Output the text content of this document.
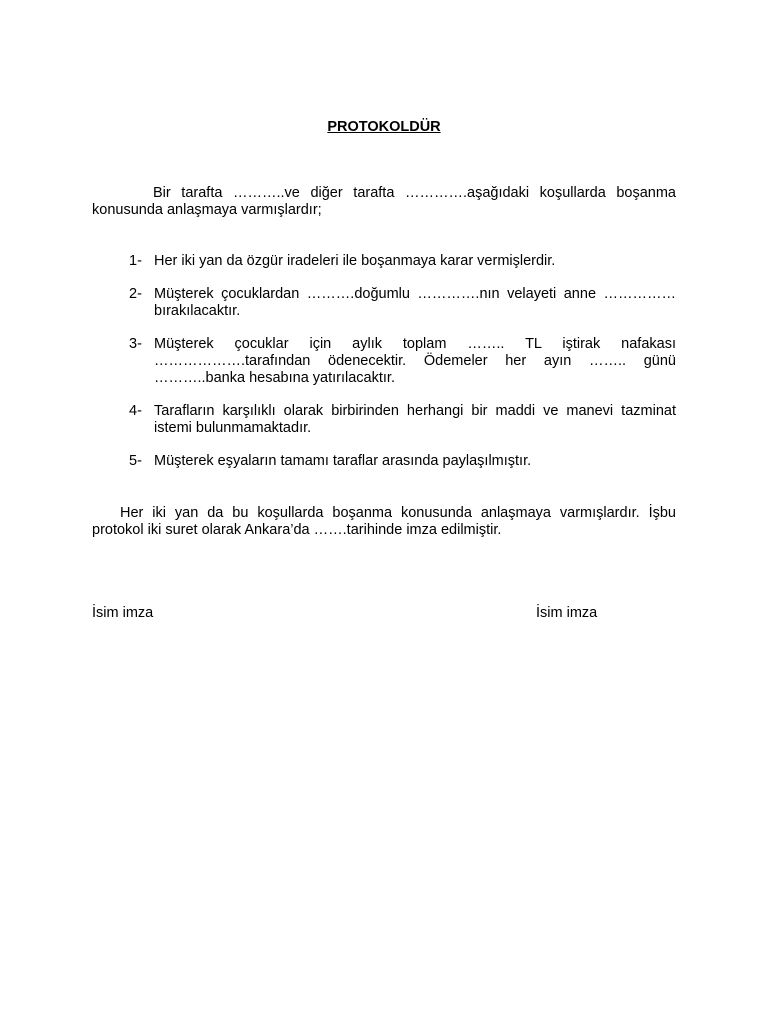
PROTOKOLDÜR

Bir tarafta ………..ve diğer tarafta ………….aşağıdaki koşullarda boşanma konusunda anlaşmaya varmışlardır;

1- Her iki yan da özgür iradeleri ile boşanmaya karar vermişlerdir.
2- Müşterek çocuklardan ……….doğumlu ………….nın velayeti anne ……………bırakılacaktır.
3- Müşterek çocuklar için aylık toplam …….. TL iştirak nafakası ……………….tarafından ödenecektir. Ödemeler her ayın …….. günü ………..banka hesabına yatırılacaktır.
4- Tarafların karşılıklı olarak birbirinden herhangi bir maddi ve manevi tazminat istemi bulunmamaktadır.
5- Müşterek eşyaların tamamı taraflar arasında paylaşılmıştır.

Her iki yan da bu koşullarda boşanma konusunda anlaşmaya varmışlardır. İşbu protokol iki suret olarak Ankara’da …….tarihinde imza edilmiştir.

İsim imza	İsim imza
